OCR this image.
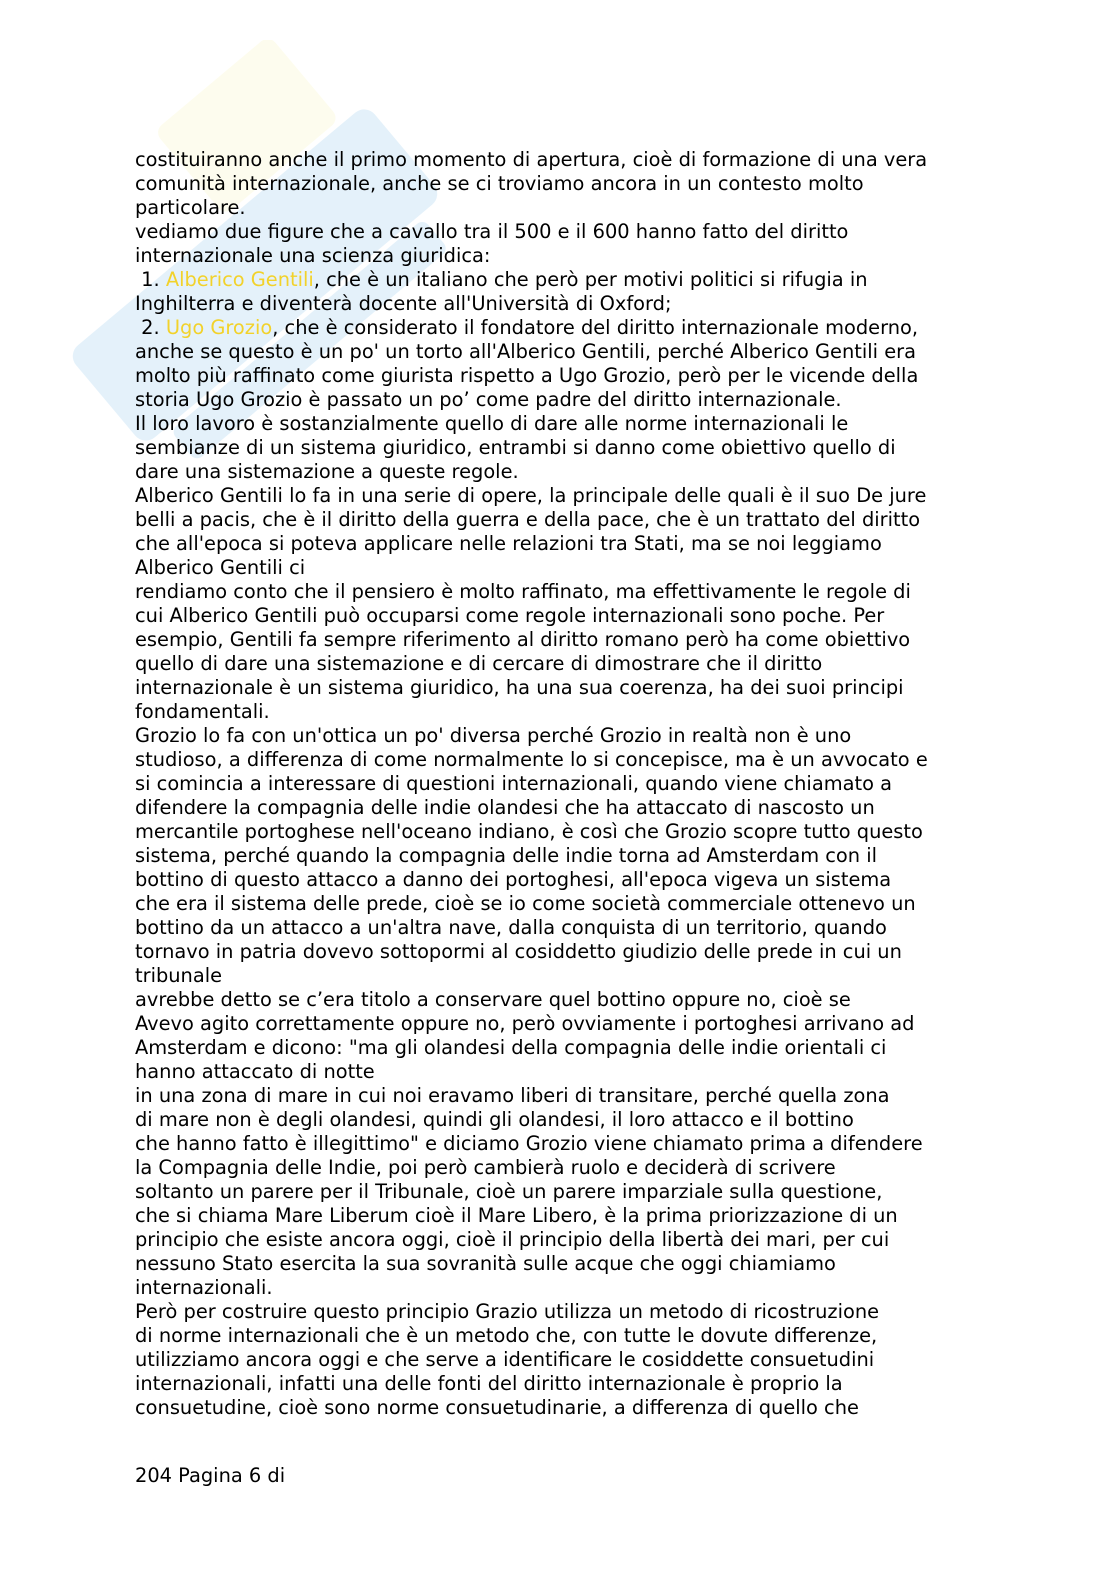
costituiranno anche il primo momento di apertura, cioè di formazione di una vera
comunità internazionale, anche se ci troviamo ancora in un contesto molto
particolare.
vediamo due figure che a cavallo tra il 500 e il 600 hanno fatto del diritto
internazionale una scienza giuridica:
1. Alberico Gentili, che è un italiano che però per motivi politici si rifugia in
Inghilterra e diventerà docente all'Università di Oxford;
2. Ugo Grozio, che è considerato il fondatore del diritto internazionale moderno,
anche se questo è un po' un torto all'Alberico Gentili, perché Alberico Gentili era
molto più raffinato come giurista rispetto a Ugo Grozio, però per le vicende della
storia Ugo Grozio è passato un po’ come padre del diritto internazionale.
Il loro lavoro è sostanzialmente quello di dare alle norme internazionali le
sembianze di un sistema giuridico, entrambi si danno come obiettivo quello di
dare una sistemazione a queste regole.
Alberico Gentili lo fa in una serie di opere, la principale delle quali è il suo De jure
belli a pacis, che è il diritto della guerra e della pace, che è un trattato del diritto
che all'epoca si poteva applicare nelle relazioni tra Stati, ma se noi leggiamo
Alberico Gentili ci
rendiamo conto che il pensiero è molto raffinato, ma effettivamente le regole di
cui Alberico Gentili può occuparsi come regole internazionali sono poche. Per
esempio, Gentili fa sempre riferimento al diritto romano però ha come obiettivo
quello di dare una sistemazione e di cercare di dimostrare che il diritto
internazionale è un sistema giuridico, ha una sua coerenza, ha dei suoi principi
fondamentali.
Grozio lo fa con un'ottica un po' diversa perché Grozio in realtà non è uno
studioso, a differenza di come normalmente lo si concepisce, ma è un avvocato e
si comincia a interessare di questioni internazionali, quando viene chiamato a
difendere la compagnia delle indie olandesi che ha attaccato di nascosto un
mercantile portoghese nell'oceano indiano, è così che Grozio scopre tutto questo
sistema, perché quando la compagnia delle indie torna ad Amsterdam con il
bottino di questo attacco a danno dei portoghesi, all'epoca vigeva un sistema
che era il sistema delle prede, cioè se io come società commerciale ottenevo un
bottino da un attacco a un'altra nave, dalla conquista di un territorio, quando
tornavo in patria dovevo sottopormi al cosiddetto giudizio delle prede in cui un
tribunale
avrebbe detto se c’era titolo a conservare quel bottino oppure no, cioè se
Avevo agito correttamente oppure no, però ovviamente i portoghesi arrivano ad
Amsterdam e dicono: "ma gli olandesi della compagnia delle indie orientali ci
hanno attaccato di notte
in una zona di mare in cui noi eravamo liberi di transitare, perché quella zona
di mare non è degli olandesi, quindi gli olandesi, il loro attacco e il bottino
che hanno fatto è illegittimo" e diciamo Grozio viene chiamato prima a difendere
la Compagnia delle Indie, poi però cambierà ruolo e deciderà di scrivere
soltanto un parere per il Tribunale, cioè un parere imparziale sulla questione,
che si chiama Mare Liberum cioè il Mare Libero, è la prima priorizzazione di un
principio che esiste ancora oggi, cioè il principio della libertà dei mari, per cui
nessuno Stato esercita la sua sovranità sulle acque che oggi chiamiamo
internazionali.
Però per costruire questo principio Grazio utilizza un metodo di ricostruzione
di norme internazionali che è un metodo che, con tutte le dovute differenze,
utilizziamo ancora oggi e che serve a identificare le cosiddette consuetudini
internazionali, infatti una delle fonti del diritto internazionale è proprio la
consuetudine, cioè sono norme consuetudinarie, a differenza di quello che
204 Pagina 6 di
